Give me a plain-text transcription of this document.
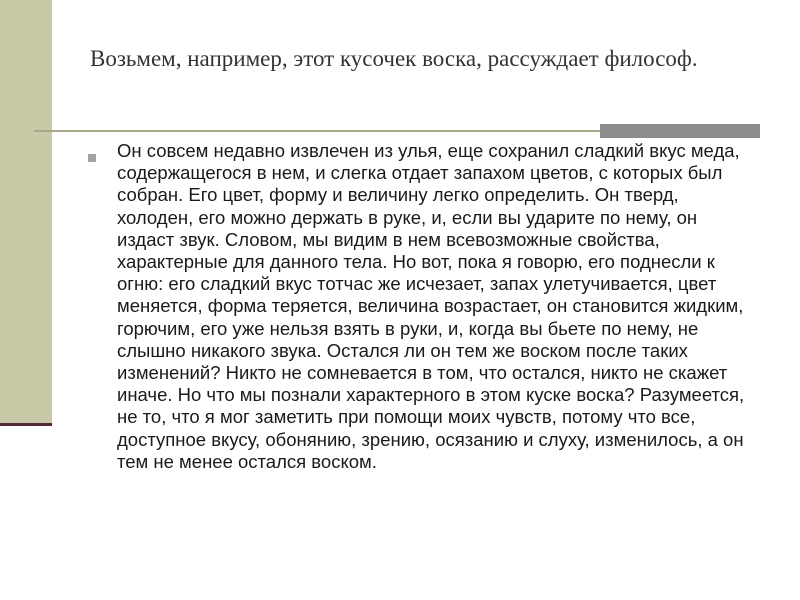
Возьмем, например, этот кусочек воска, рассуждает философ.

Он совсем недавно извлечен из улья, еще сохранил сладкий вкус меда, содержащегося в нем, и слегка отдает запахом цветов, с которых был собран. Его цвет, форму и величину легко определить. Он тверд, холоден, его можно держать в руке, и, если вы ударите по нему, он издаст звук. Словом, мы видим в нем всевозможные свойства, характерные для данного тела. Но вот, пока я говорю, его поднесли к огню: его сладкий вкус тотчас же исчезает, запах улетучивается, цвет меняется, форма теряется, величина возрастает, он становится жидким, горючим, его уже нельзя взять в руки, и, когда вы бьете по нему, не слышно никакого звука. Остался ли он тем же воском после таких изменений? Никто не сомневается в том, что остался, никто не скажет иначе. Но что мы познали характерного в этом куске воска? Разумеется, не то, что я мог заметить при помощи моих чувств, потому что все, доступное вкусу, обонянию, зрению, осязанию и слуху, изменилось, а он тем не менее остался воском.
